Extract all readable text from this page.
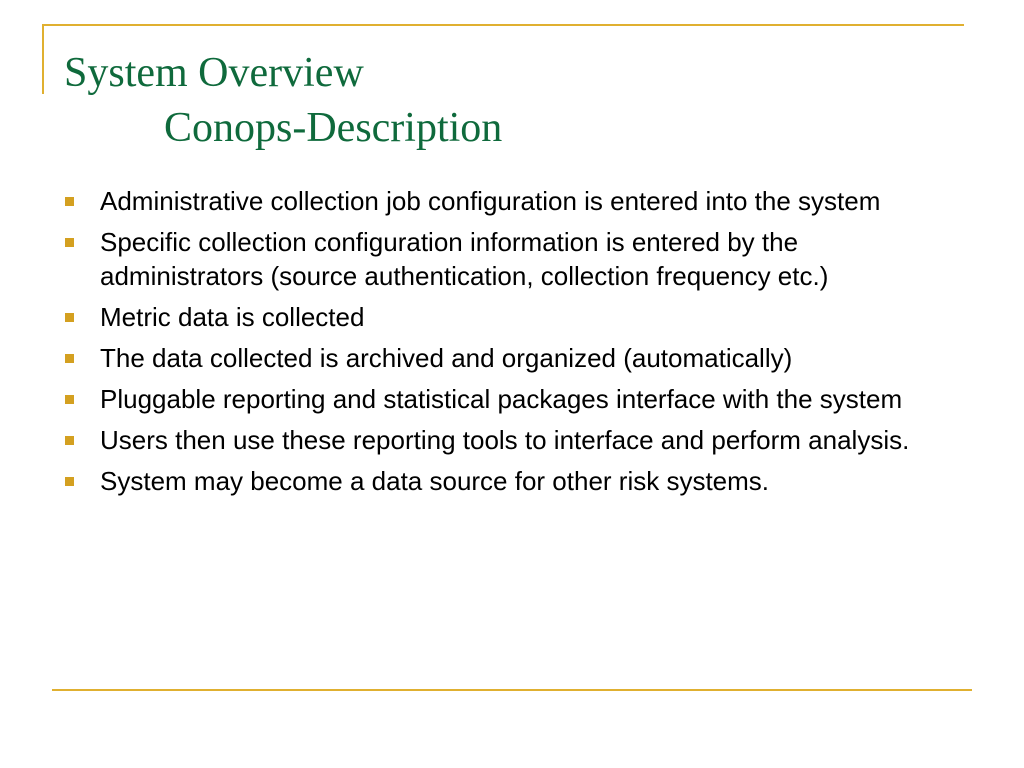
System Overview
Conops-Description
Administrative collection job configuration is entered into the system
Specific collection configuration information is entered by the administrators (source authentication, collection frequency etc.)
Metric data is collected
The data collected is archived and organized (automatically)
Pluggable reporting and statistical packages interface with the system
Users then use these reporting tools to interface and perform analysis.
System may become a data source for other risk systems.
